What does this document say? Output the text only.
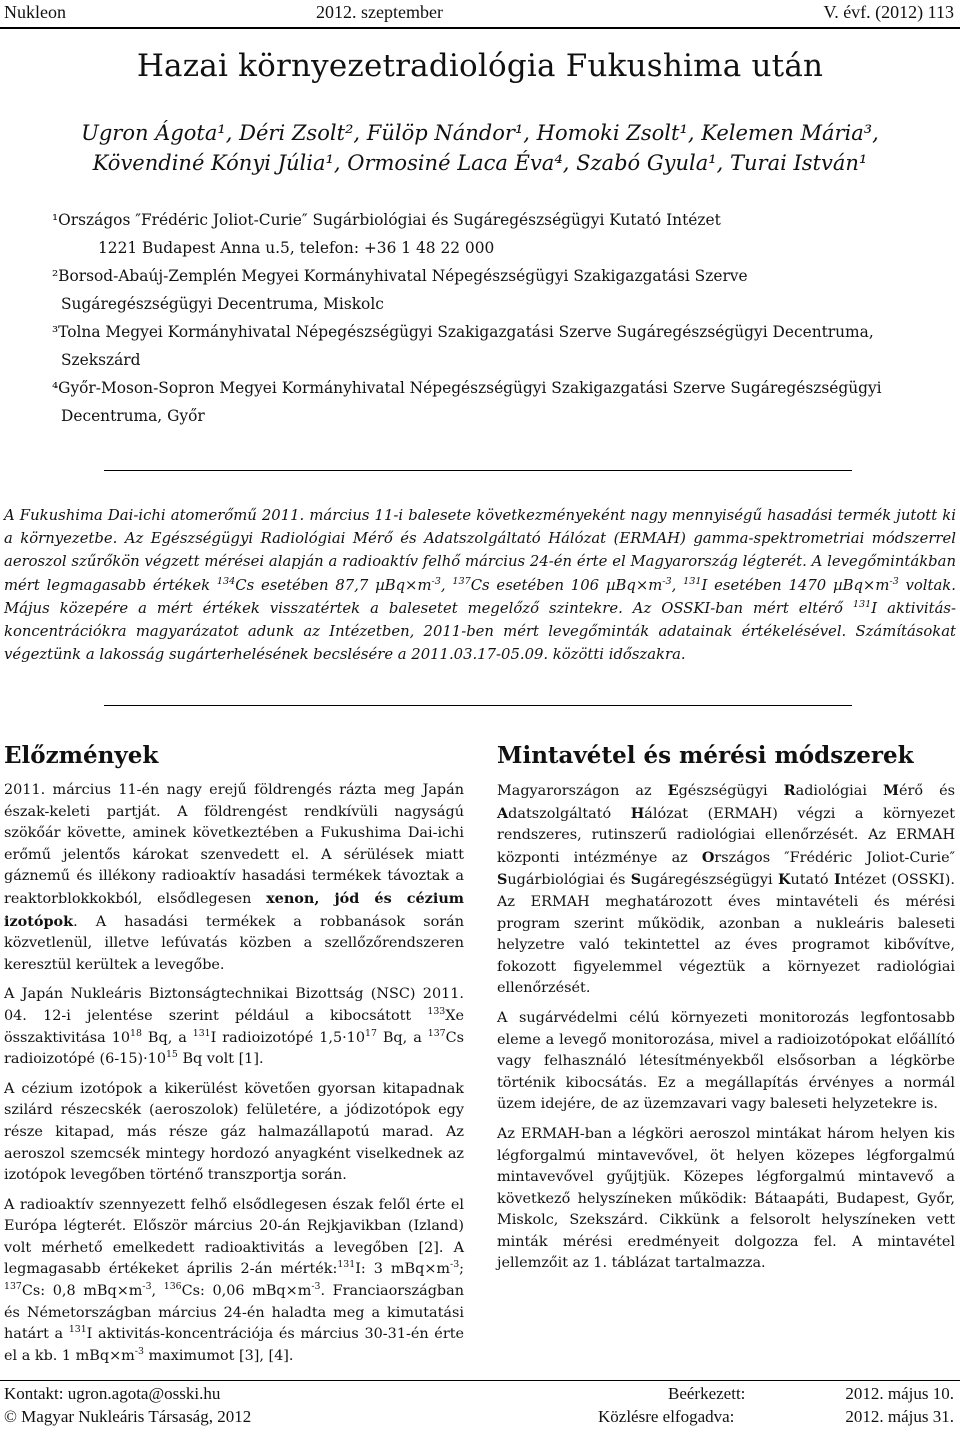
Nukleon	2012. szeptember	V. évf. (2012) 113
Hazai környezetradiológia Fukushima után
Ugron Ágota¹, Déri Zsolt², Fülöp Nándor¹, Homoki Zsolt¹, Kelemen Mária³,
Kövendiné Kónyi Júlia¹, Ormosiné Laca Éva⁴, Szabó Gyula¹, Turai István¹
¹Országos ″Frédéric Joliot-Curie″ Sugárbiológiai és Sugáregészségügyi Kutató Intézet
1221 Budapest Anna u.5, telefon: +36 1 48 22 000
²Borsod-Abaúj-Zemplén Megyei Kormányhivatal Népegészségügyi Szakigazgatási Szerve
Sugáregészségügyi Decentruma, Miskolc
³Tolna Megyei Kormányhivatal Népegészségügyi Szakigazgatási Szerve Sugáregészségügyi Decentruma,
Szekszárd
⁴Győr-Moson-Sopron Megyei Kormányhivatal Népegészségügyi Szakigazgatási Szerve Sugáregészségügyi
Decentruma, Győr
A Fukushima Dai-ichi atomerőmű 2011. március 11-i balesete következményeként nagy mennyiségű hasadási termék jutott ki a környezetbe. Az Egészségügyi Radiológiai Mérő és Adatszolgáltató Hálózat (ERMAH) gamma-spektrometriai módszerrel aeroszol szűrőkön végzett mérései alapján a radioaktív felhő március 24-én érte el Magyarország légterét. A levegőmintákban mért legmagasabb értékek $^{134}$Cs esetében 87,7 $\mu Bq\times m^{-3}$, $^{137}$Cs esetében 106 $\mu Bq\times m^{-3}$, $^{131}$I esetében 1470 $\mu Bq\times m^{-3}$ voltak. Május közepére a mért értékek visszatértek a balesetet megelőző szintekre. Az OSSKI-ban mért eltérő $^{131}$I aktivitás-koncentrációkra magyarázatot adunk az Intézetben, 2011-ben mért levegőminták adatainak értékelésével. Számításokat végeztünk a lakosság sugárterhelésének becslésére a 2011.03.17-05.09. közötti időszakra.
Előzmények

2011. március 11-én nagy erejű földrengés rázta meg Japán észak-keleti partját. A földrengést rendkívüli nagyságú szökőár követte, aminek következtében a Fukushima Dai-ichi erőmű jelentős károkat szenvedett el. A sérülések miatt gáznemű és illékony radioaktív hasadási termékek távoztak a reaktorblokkokból, elsődlegesen xenon, jód és cézium izotópok. A hasadási termékek a robbanások során közvetlenül, illetve lefúvatás közben a szellőzőrendszeren keresztül kerültek a levegőbe.

A Japán Nukleáris Biztonságtechnikai Bizottság (NSC) 2011. 04. 12-i jelentése szerint például a kibocsátott $^{133}$Xe összaktivitása $10^{18}$ Bq, a $^{131}$I radioizotópé $1,5\cdot 10^{17}$ Bq, a $^{137}$Cs radioizotópé $(6-15)\cdot 10^{15}$ Bq volt [1].

A cézium izotópok a kikerülést követően gyorsan kitapadnak szilárd részecskék (aeroszolok) felületére, a jódizotópok egy része kitapad, más része gáz halmazállapotú marad. Az aeroszol szemcsék mintegy hordozó anyagként viselkednek az izotópok levegőben történő transzportja során.

A radioaktív szennyezett felhő elsődlegesen észak felől érte el Európa légterét. Először március 20-án Rejkjavikban (Izland) volt mérhető emelkedett radioaktivitás a levegőben [2]. A legmagasabb értékeket április 2-án mérték:$^{131}$I: 3 $mBq\times m^{-3}$; $^{137}$Cs: 0,8 $mBq\times m^{-3}$, $^{136}$Cs: 0,06 $mBq\times m^{-3}$. Franciaországban és Németországban március 24-én haladta meg a kimutatási határt a $^{131}$I aktivitás-koncentrációja és március 30-31-én érte el a kb. 1 $mBq\times m^{-3}$ maximumot [3], [4].

Mintavétel és mérési módszerek

Magyarországon az Egészségügyi Radiológiai Mérő és Adatszolgáltató Hálózat (ERMAH) végzi a környezet rendszeres, rutinszerű radiológiai ellenőrzését. Az ERMAH központi intézménye az Országos ″Frédéric Joliot-Curie″ Sugárbiológiai és Sugáregészségügyi Kutató Intézet (OSSKI). Az ERMAH meghatározott éves mintavételi és mérési program szerint működik, azonban a nukleáris baleseti helyzetre való tekintettel az éves programot kibővítve, fokozott figyelemmel végeztük a környezet radiológiai ellenőrzését.

A sugárvédelmi célú környezeti monitorozás legfontosabb eleme a levegő monitorozása, mivel a radioizotópokat előállító vagy felhasználó létesítményekből elsősorban a légkörbe történik kibocsátás. Ez a megállapítás érvényes a normál üzem idejére, de az üzemzavari vagy baleseti helyzetekre is.

Az ERMAH-ban a légköri aeroszol mintákat három helyen kis légforgalmú mintavevővel, öt helyen közepes légforgalmú mintavevővel gyűjtjük. Közepes légforgalmú mintavevő a következő helyszíneken működik: Bátaapáti, Budapest, Győr, Miskolc, Szekszárd. Cikkünk a felsorolt helyszíneken vett minták mérési eredményeit dolgozza fel. A mintavétel jellemzőit az 1. táblázat tartalmazza.

Kontakt: ugron.agota@osski.hu
© Magyar Nukleáris Társaság, 2012
Beérkezett:	2012. május 10.
Közlésre elfogadva:	2012. május 31.
